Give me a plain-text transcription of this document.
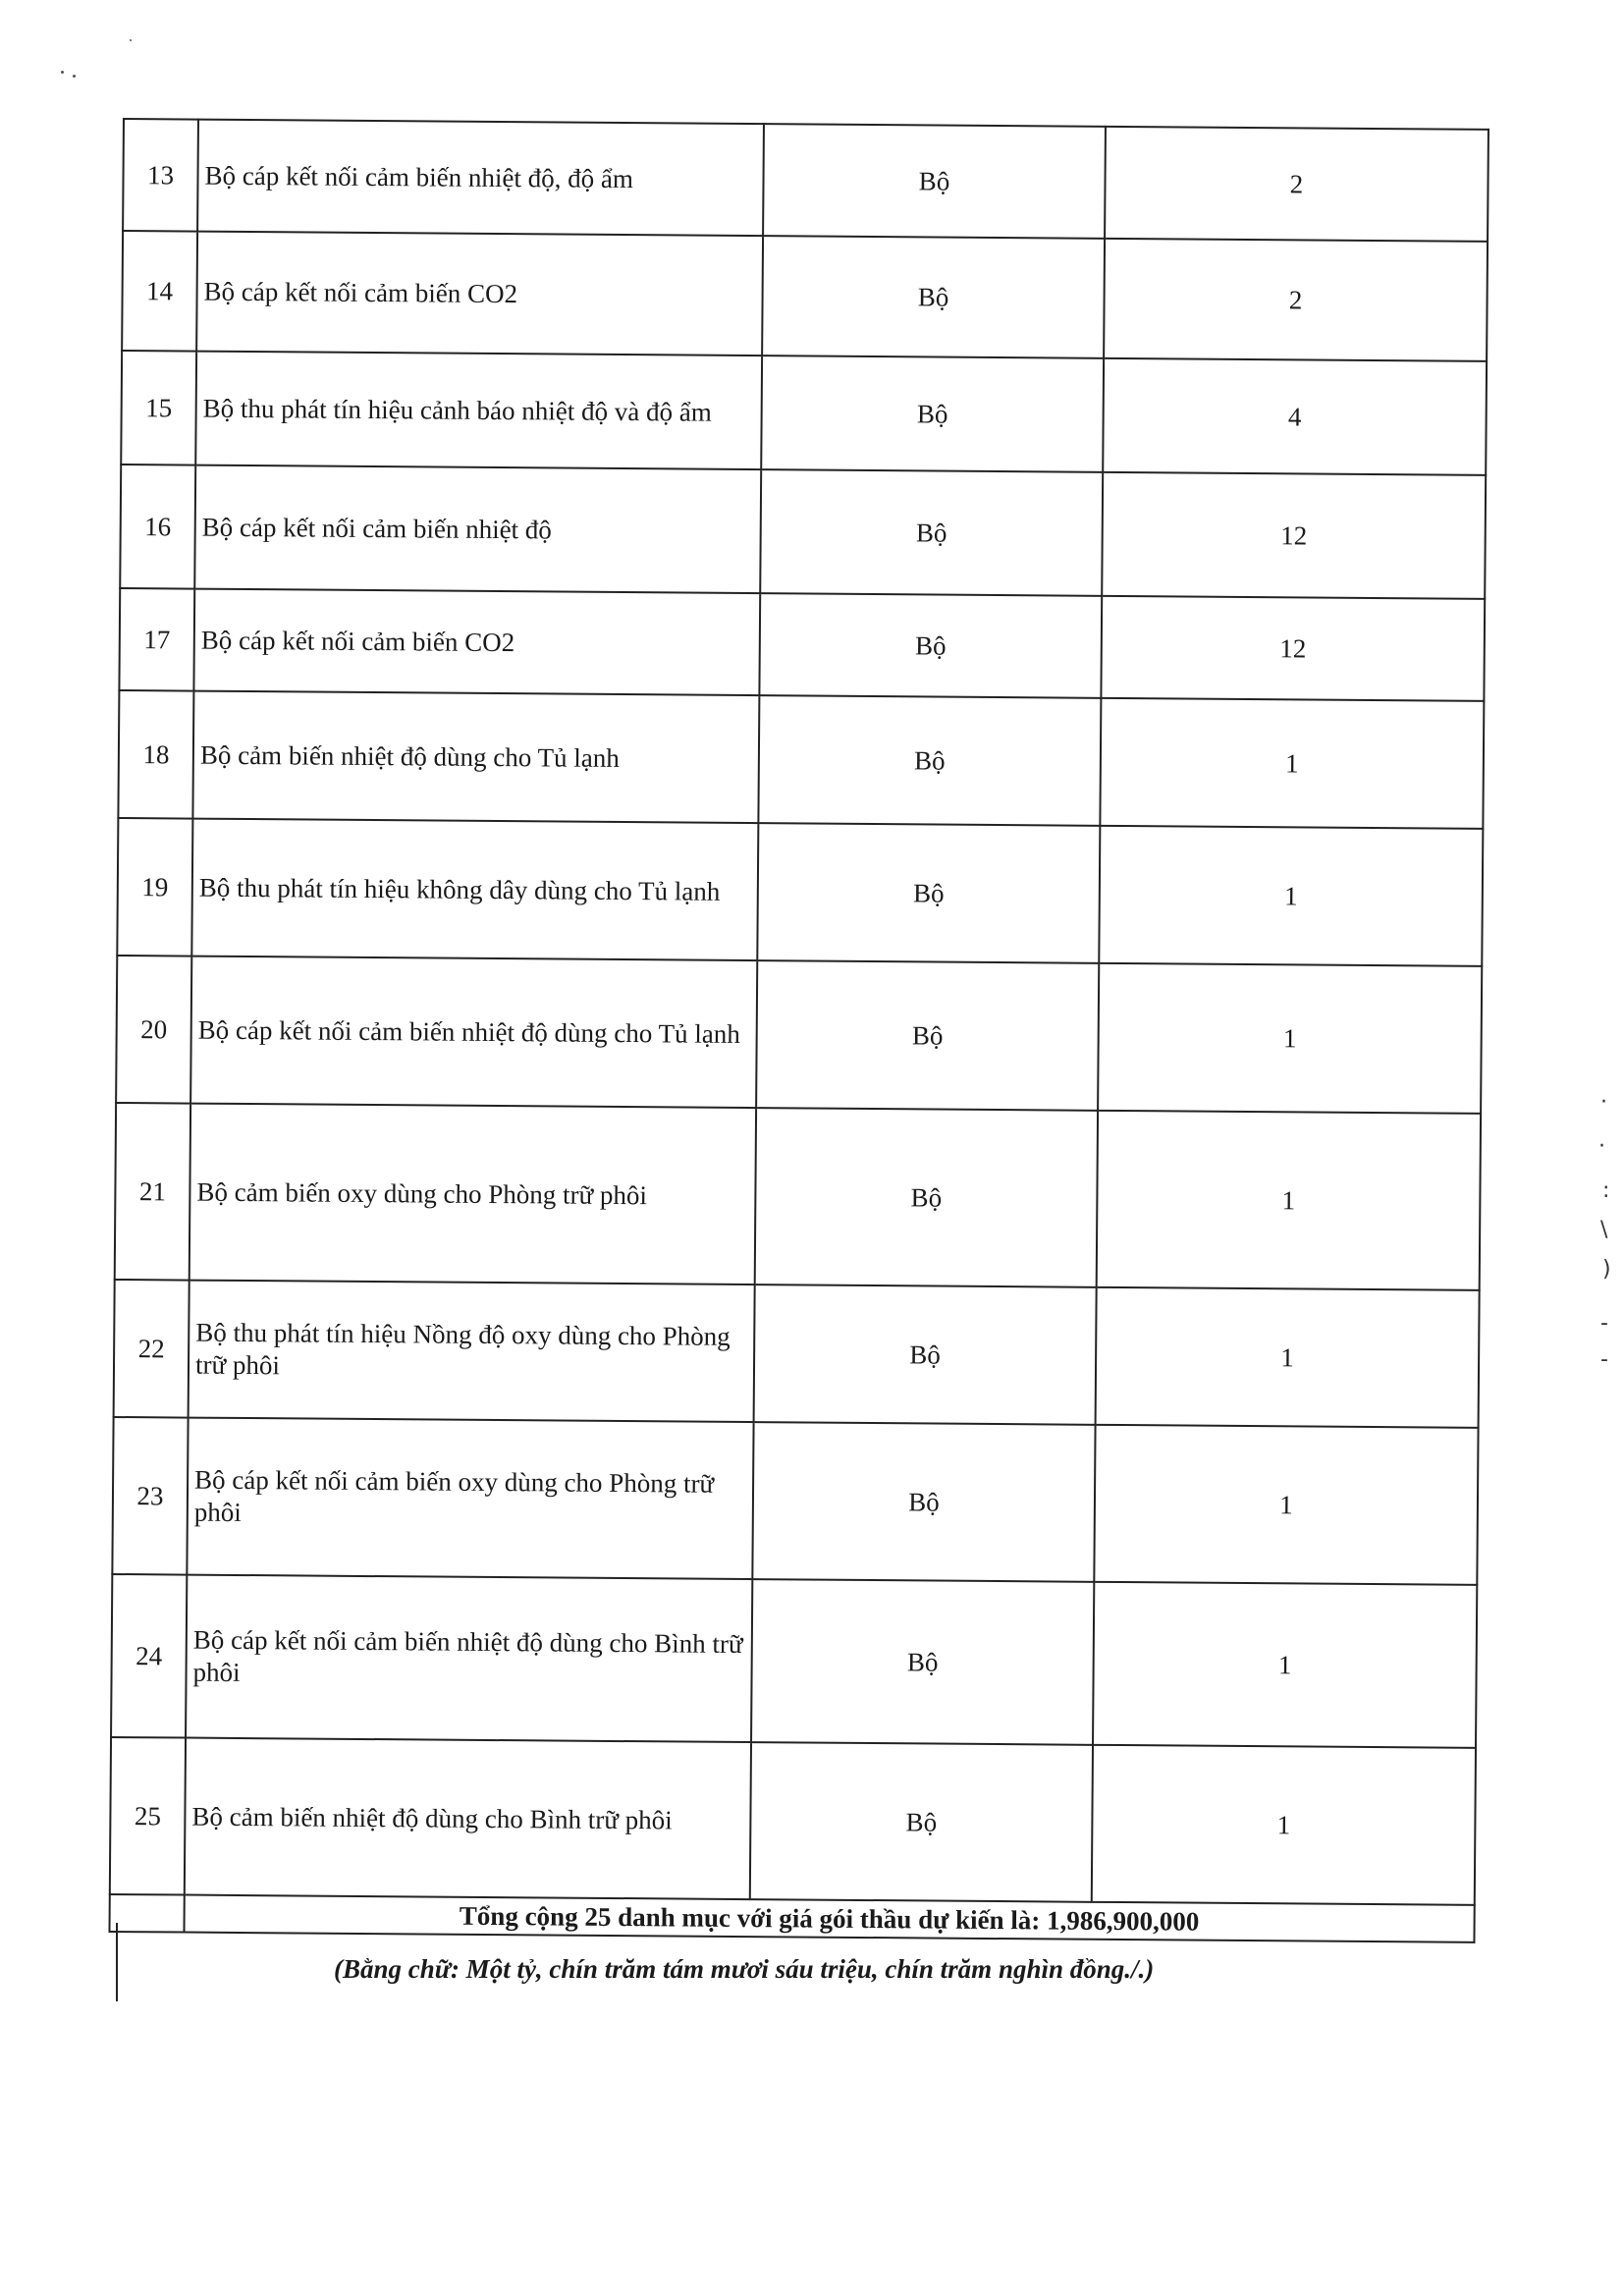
13	Bộ cáp kết nối cảm biến nhiệt độ, độ ẩm	Bộ	2
14	Bộ cáp kết nối cảm biến CO2	Bộ	2
15	Bộ thu phát tín hiệu cảnh báo nhiệt độ và độ ẩm	Bộ	4
16	Bộ cáp kết nối cảm biến nhiệt độ	Bộ	12
17	Bộ cáp kết nối cảm biến CO2	Bộ	12
18	Bộ cảm biến nhiệt độ dùng cho Tủ lạnh	Bộ	1
19	Bộ thu phát tín hiệu không dây dùng cho Tủ lạnh	Bộ	1
20	Bộ cáp kết nối cảm biến nhiệt độ dùng cho Tủ lạnh	Bộ	1
21	Bộ cảm biến oxy dùng cho Phòng trữ phôi	Bộ	1
22	Bộ thu phát tín hiệu Nồng độ oxy dùng cho Phòng trữ phôi	Bộ	1
23	Bộ cáp kết nối cảm biến oxy dùng cho Phòng trữ phôi	Bộ	1
24	Bộ cáp kết nối cảm biến nhiệt độ dùng cho Bình trữ phôi	Bộ	1
25	Bộ cảm biến nhiệt độ dùng cho Bình trữ phôi	Bộ	1
	Tổng cộng 25 danh mục với giá gói thầu dự kiến là: 1,986,900,000		
(Bằng chữ: Một tỷ, chín trăm tám mươi sáu triệu, chín trăm nghìn đồng./.)
·
·
:
\
)
-
-
